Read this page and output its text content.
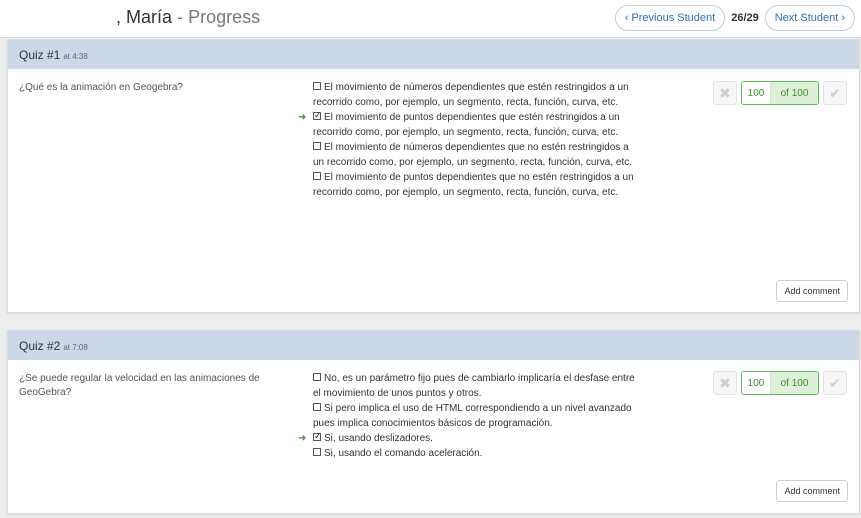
, María - Progress	‹ Previous Student 26/29 Next Student ›
Quiz #1 at 4:38
¿Qué es la animación en Geogebra?	El movimiento de números dependientes que estén restringidos a un recorrido como, por ejemplo, un segmento, recta, función, curva, etc.
➜ ✓ El movimiento de puntos dependientes que estén restringidos a un recorrido como, por ejemplo, un segmento, recta, función, curva, etc.
El movimiento de números dependientes que no estén restringidos a un recorrido como, por ejemplo, un segmento, recta, función, curva, etc.
El movimiento de puntos dependientes que no estén restringidos a un recorrido como, por ejemplo, un segmento, recta, función, curva, etc.
✖	100	of 100	✔
Add comment
Quiz #2 at 7:08
¿Se puede regular la velocidad en las animaciones de GeoGebra?
No, es un parámetro fijo pues de cambiarlo implicaría el desfase entre el movimiento de unos puntos y otros.
Si pero implica el uso de HTML correspondiendo a un nivel avanzado pues implica conocimientos básicos de programación.
➜ ✓ Si, usando deslizadores.
Si, usando el comando aceleración.
✖	100	of 100	✔
Add comment
